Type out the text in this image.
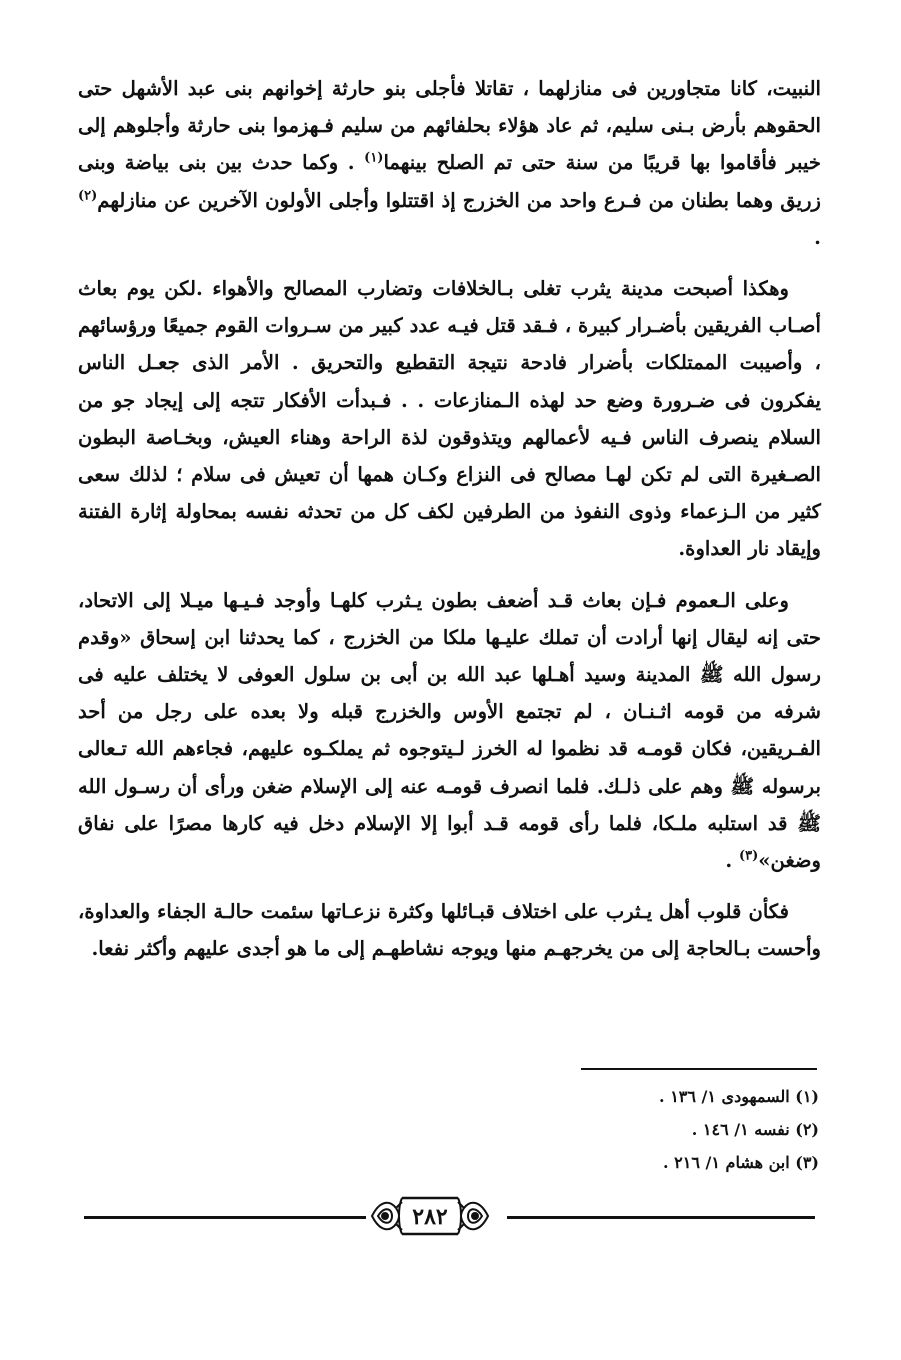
النبيت، كانا متجاورين فى منازلهما ، تقاتلا فأجلى بنو حارثة إخوانهم بنى عبد الأشهل حتى الحقوهم بأرض بـنى سليم، ثم عاد هؤلاء بحلفائهم من سليم فـهزموا بنى حارثة وأجلوهم إلى خيبر فأقاموا بها قريبًا من سنة حتى تم الصلح بينهما$^{(١)}$ . وكما حدث بين بنى بياضة وبنى زريق وهما بطنان من فـرع واحد من الخزرج إذ اقتتلوا وأجلى الأولون الآخرين عن منازلهم$^{(٢)}$ .

وهكذا أصبحت مدينة يثرب تغلى بـالخلافات وتضارب المصالح والأهواء .لكن يوم بعاث أصـاب الفريقين بأضـرار كبيرة ، فـقد قتل فيـه عدد كبير من سـروات القوم جميعًا ورؤسائهم ، وأصيبت الممتلكات بأضرار فادحة نتيجة التقطيع والتحريق . الأمر الذى جعـل الناس يفكرون فى ضـرورة وضع حد لهذه الـمنازعات . . فـبدأت الأفكار تتجه إلى إيجاد جو من السلام ينصرف الناس فـيه لأعمالهم ويتذوقون لذة الراحة وهناء العيش، وبخـاصة البطون الصـغيرة التى لم تكن لهـا مصالح فى النزاع وكـان همها أن تعيش فى سلام ؛ لذلك سعى كثير من الـزعماء وذوى النفوذ من الطرفين لكف كل من تحدثه نفسه بمحاولة إثارة الفتنة وإيقاد نار العداوة.

وعلى الـعموم فـإن بعاث قـد أضعف بطون يـثرب كلهـا وأوجد فـيـها ميـلا إلى الاتحاد، حتى إنه ليقال إنها أرادت أن تملك عليـها ملكا من الخزرج ، كما يحدثنا ابن إسحاق «وقدم رسول الله ﷺ المدينة وسيد أهـلها عبد الله بن أبى بن سلول العوفى لا يختلف عليه فى شرفه من قومه اثـنـان ، لم تجتمع الأوس والخزرج قبله ولا بعده على رجل من أحد الفـريقين، فكان قومـه قد نظموا له الخرز لـيتوجوه ثم يملكـوه عليهم، فجاءهم الله تـعالى برسوله ﷺ وهم على ذلـك. فلما انصرف قومـه عنه إلى الإسلام ضغن ورأى أن رسـول الله ﷺ قد استلبه ملـكا، فلما رأى قومه قـد أبوا إلا الإسلام دخل فيه كارها مصرًا على نفاق وضغن»$^{(٣)}$ .

فكأن قلوب أهل يـثرب على اختلاف قبـائلها وكثرة نزعـاتها سئمت حالـة الجفاء والعداوة، وأحست بـالحاجة إلى من يخرجهـم منها ويوجه نشاطهـم إلى ما هو أجدى عليهم وأكثر نفعا.

(١) السمهودى ١/ ١٣٦ .
(٢) نفسه ١/ ١٤٦ .
(٣) ابن هشام ١/ ٢١٦ .
٢٨٢
